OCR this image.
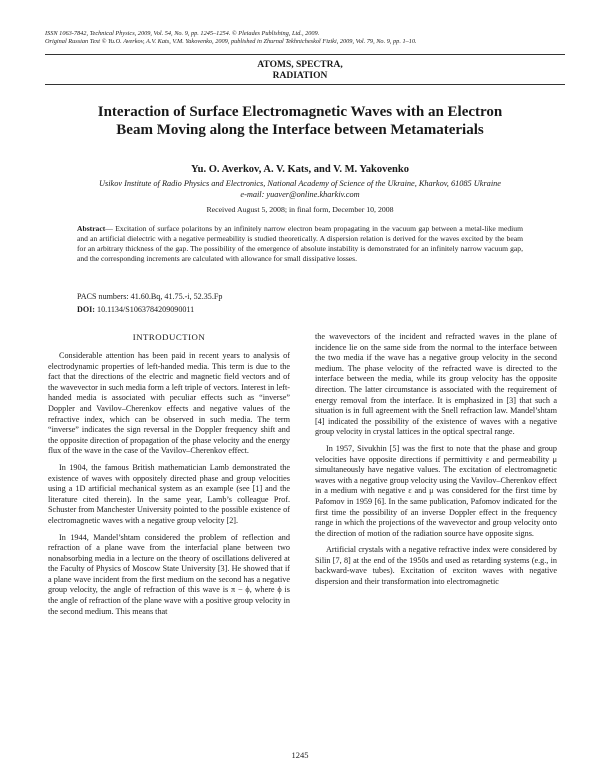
ISSN 1063-7842, Technical Physics, 2009, Vol. 54, No. 9, pp. 1245–1254. © Pleiades Publishing, Ltd., 2009.
Original Russian Text © Yu.O. Averkov, A.V. Kats, V.M. Yakovenko, 2009, published in Zhurnal Tekhnicheskoĭ Fiziki, 2009, Vol. 79, No. 9, pp. 1–10.
ATOMS, SPECTRA,
RADIATION
Interaction of Surface Electromagnetic Waves with an Electron Beam Moving along the Interface between Metamaterials
Yu. O. Averkov, A. V. Kats, and V. M. Yakovenko
Usikov Institute of Radio Physics and Electronics, National Academy of Science of the Ukraine, Kharkov, 61085 Ukraine
e-mail: yuaver@online.kharkiv.com
Received August 5, 2008; in final form, December 10, 2008
Abstract— Excitation of surface polaritons by an infinitely narrow electron beam propagating in the vacuum gap between a metal-like medium and an artificial dielectric with a negative permeability is studied theoretically. A dispersion relation is derived for the waves excited by the beam for an arbitrary thickness of the gap. The possibility of the emergence of absolute instability is demonstrated for an infinitely narrow vacuum gap, and the corresponding increments are calculated with allowance for small dissipative losses.
PACS numbers: 41.60.Bq, 41.75.-i, 52.35.Fp
DOI: 10.1134/S1063784209090011
INTRODUCTION

Considerable attention has been paid in recent years to analysis of electrodynamic properties of left-handed media. This term is due to the fact that the directions of the electric and magnetic field vectors and of the wavevector in such media form a left triple of vectors. Interest in left-handed media is associated with peculiar effects such as “inverse” Doppler and Vavilov–Cherenkov effects and negative values of the refractive index, which can be observed in such media. The term “inverse” indicates the sign reversal in the Doppler frequency shift and the opposite direction of propagation of the phase velocity and the energy flux of the wave in the case of the Vavilov–Cherenkov effect.

In 1904, the famous British mathematician Lamb demonstrated the existence of waves with oppositely directed phase and group velocities using a 1D artificial mechanical system as an example (see [1] and the literature cited therein). In the same year, Lamb’s colleague Prof. Schuster from Manchester University pointed to the possible existence of electromagnetic waves with a negative group velocity [2].

In 1944, Mandel’shtam considered the problem of reflection and refraction of a plane wave from the interfacial plane between two nonabsorbing media in a lecture on the theory of oscillations delivered at the Faculty of Physics of Moscow State University [3]. He showed that if a plane wave incident from the first medium on the second has a negative group velocity, the angle of refraction of this wave is π − ϕ, where ϕ is the angle of refraction of the plane wave with a positive group velocity in the second medium. This means that

the wavevectors of the incident and refracted waves in the plane of incidence lie on the same side from the normal to the interface between the two media if the wave has a negative group velocity in the second medium. The phase velocity of the refracted wave is directed to the interface between the media, while its group velocity has the opposite direction. The latter circumstance is associated with the requirement of energy removal from the interface. It is emphasized in [3] that such a situation is in full agreement with the Snell refraction law. Mandel’shtam [4] indicated the possibility of the existence of waves with a negative group velocity in crystal lattices in the optical spectral range.

In 1957, Sivukhin [5] was the first to note that the phase and group velocities have opposite directions if permittivity ε and permeability μ simultaneously have negative values. The excitation of electromagnetic waves with a negative group velocity using the Vavilov–Cherenkov effect in a medium with negative ε and μ was considered for the first time by Pafomov in 1959 [6]. In the same publication, Pafomov indicated for the first time the possibility of an inverse Doppler effect in the frequency range in which the projections of the wavevector and group velocity onto the direction of motion of the radiation source have opposite signs.

Artificial crystals with a negative refractive index were considered by Silin [7, 8] at the end of the 1950s and used as retarding systems (e.g., in backward-wave tubes). Excitation of exciton waves with negative dispersion and their transformation into electromagnetic

1245
